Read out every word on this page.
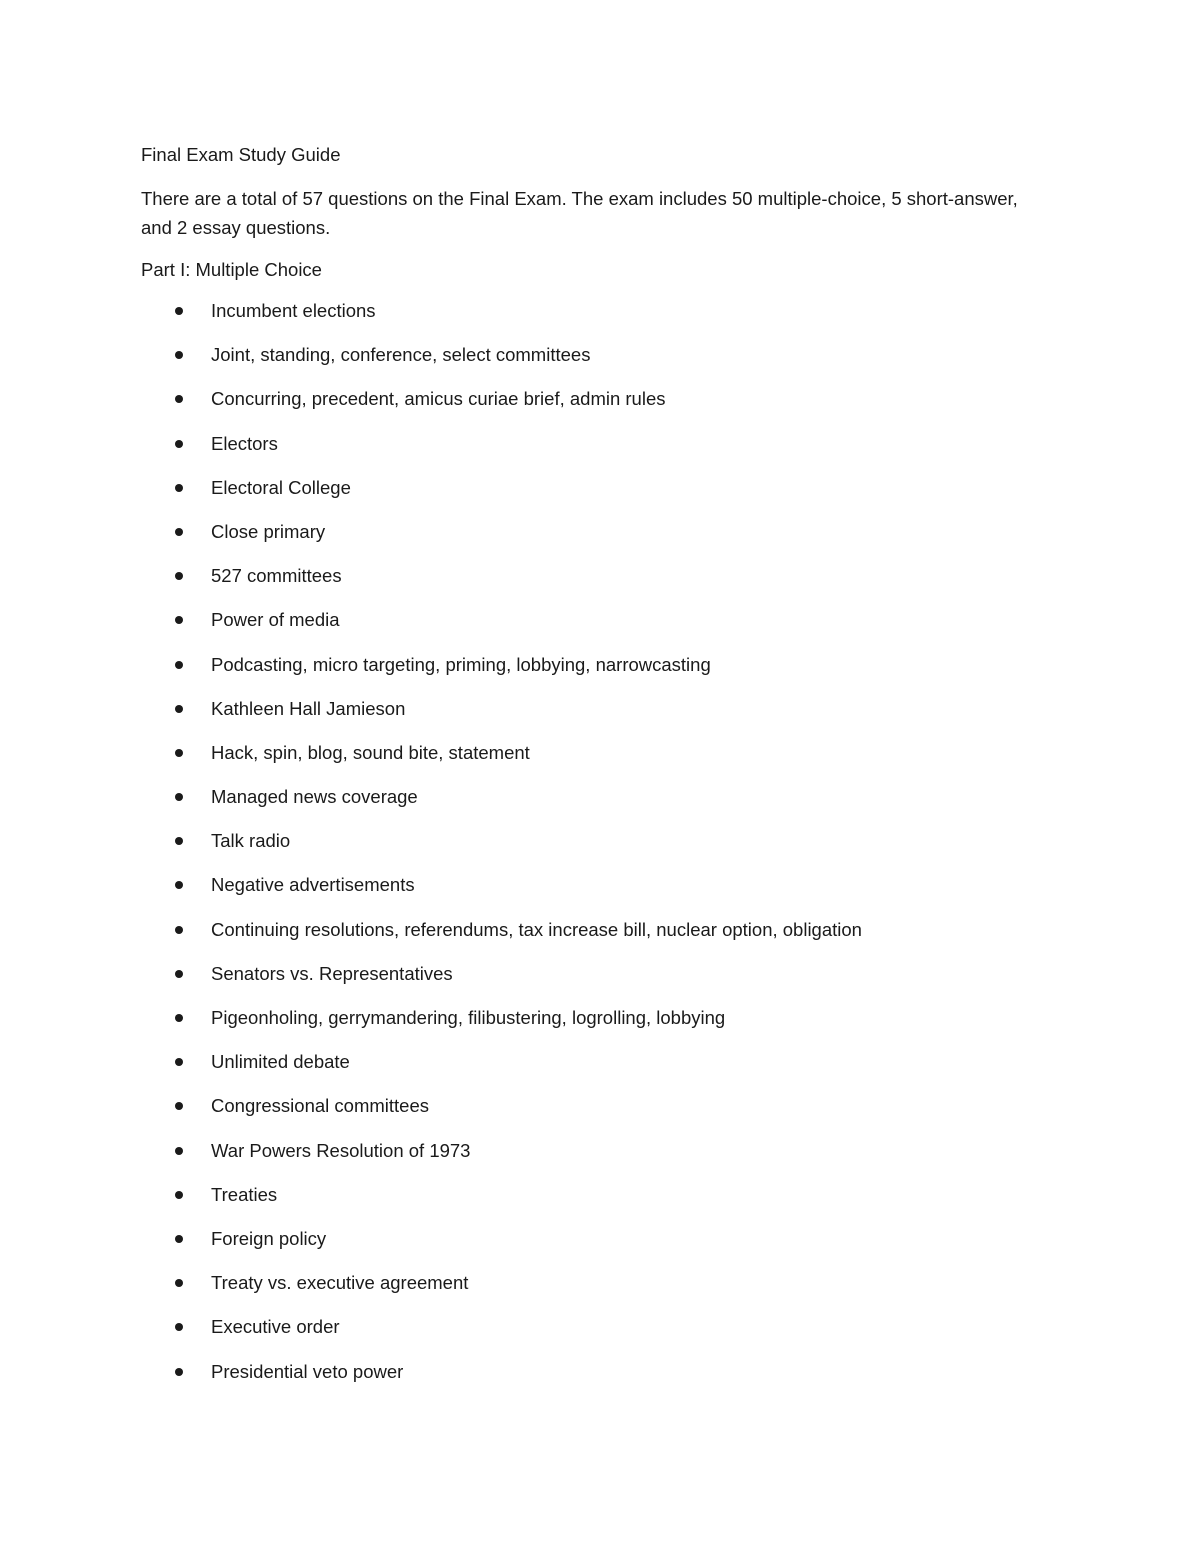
Final Exam Study Guide

There are a total of 57 questions on the Final Exam. The exam includes 50 multiple-choice, 5 short-answer, and 2 essay questions.

Part I: Multiple Choice
Incumbent elections
Joint, standing, conference, select committees
Concurring, precedent, amicus curiae brief, admin rules
Electors
Electoral College
Close primary
527 committees
Power of media
Podcasting, micro targeting, priming, lobbying, narrowcasting
Kathleen Hall Jamieson
Hack, spin, blog, sound bite, statement
Managed news coverage
Talk radio
Negative advertisements
Continuing resolutions, referendums, tax increase bill, nuclear option, obligation
Senators vs. Representatives
Pigeonholing, gerrymandering, filibustering, logrolling, lobbying
Unlimited debate
Congressional committees
War Powers Resolution of 1973
Treaties
Foreign policy
Treaty vs. executive agreement
Executive order
Presidential veto power
